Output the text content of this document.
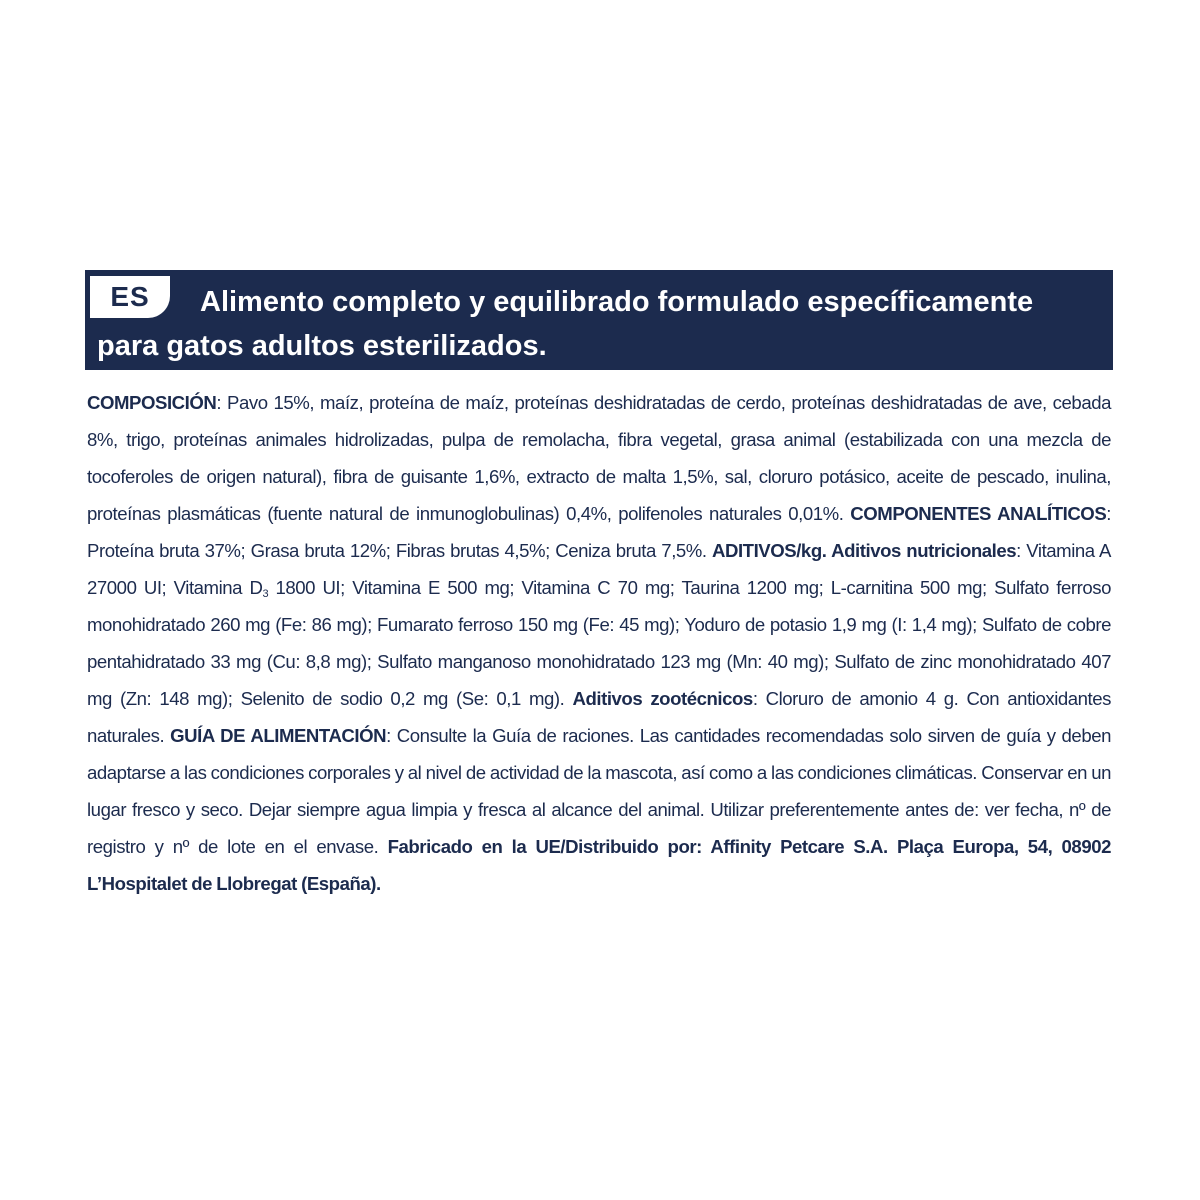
Alimento completo y equilibrado formulado específicamente
para gatos adultos esterilizados.
ES
COMPOSICIÓN: Pavo 15%, maíz, proteína de maíz, proteínas deshidratadas de cerdo, proteínas deshidratadas de ave, cebada 8%, trigo, proteínas animales hidrolizadas, pulpa de remolacha, fibra vegetal, grasa animal (estabilizada con una mezcla de tocoferoles de origen natural), fibra de guisante 1,6%, extracto de malta 1,5%, sal, cloruro potásico, aceite de pescado, inulina, proteínas plasmáticas (fuente natural de inmunoglobulinas) 0,4%, polifenoles naturales 0,01%. COMPONENTES ANALÍTICOS: Proteína bruta 37%; Grasa bruta 12%; Fibras brutas 4,5%; Ceniza bruta 7,5%. ADITIVOS/kg. Aditivos nutricionales: Vitamina A 27000 UI; Vitamina $D_3$ 1800 UI; Vitamina E 500 mg; Vitamina C 70 mg; Taurina 1200 mg; L-carnitina 500 mg; Sulfato ferroso monohidratado 260 mg (Fe: 86 mg); Fumarato ferroso 150 mg (Fe: 45 mg); Yoduro de potasio 1,9 mg (I: 1,4 mg); Sulfato de cobre pentahidratado 33 mg (Cu: 8,8 mg); Sulfato manganoso monohidratado 123 mg (Mn: 40 mg); Sulfato de zinc monohidratado 407 mg (Zn: 148 mg); Selenito de sodio 0,2 mg (Se: 0,1 mg). Aditivos zootécnicos: Cloruro de amonio 4 g. Con antioxidantes naturales. GUÍA DE ALIMENTACIÓN: Consulte la Guía de raciones. Las cantidades recomendadas solo sirven de guía y deben adaptarse a las condiciones corporales y al nivel de actividad de la mascota, así como a las condiciones climáticas. Conservar en un lugar fresco y seco. Dejar siempre agua limpia y fresca al alcance del animal. Utilizar preferentemente antes de: ver fecha, nº de registro y nº de lote en el envase. Fabricado en la UE/Distribuido por: Affinity Petcare S.A. Plaça Europa, 54, 08902 L’Hospitalet de Llobregat (España).
